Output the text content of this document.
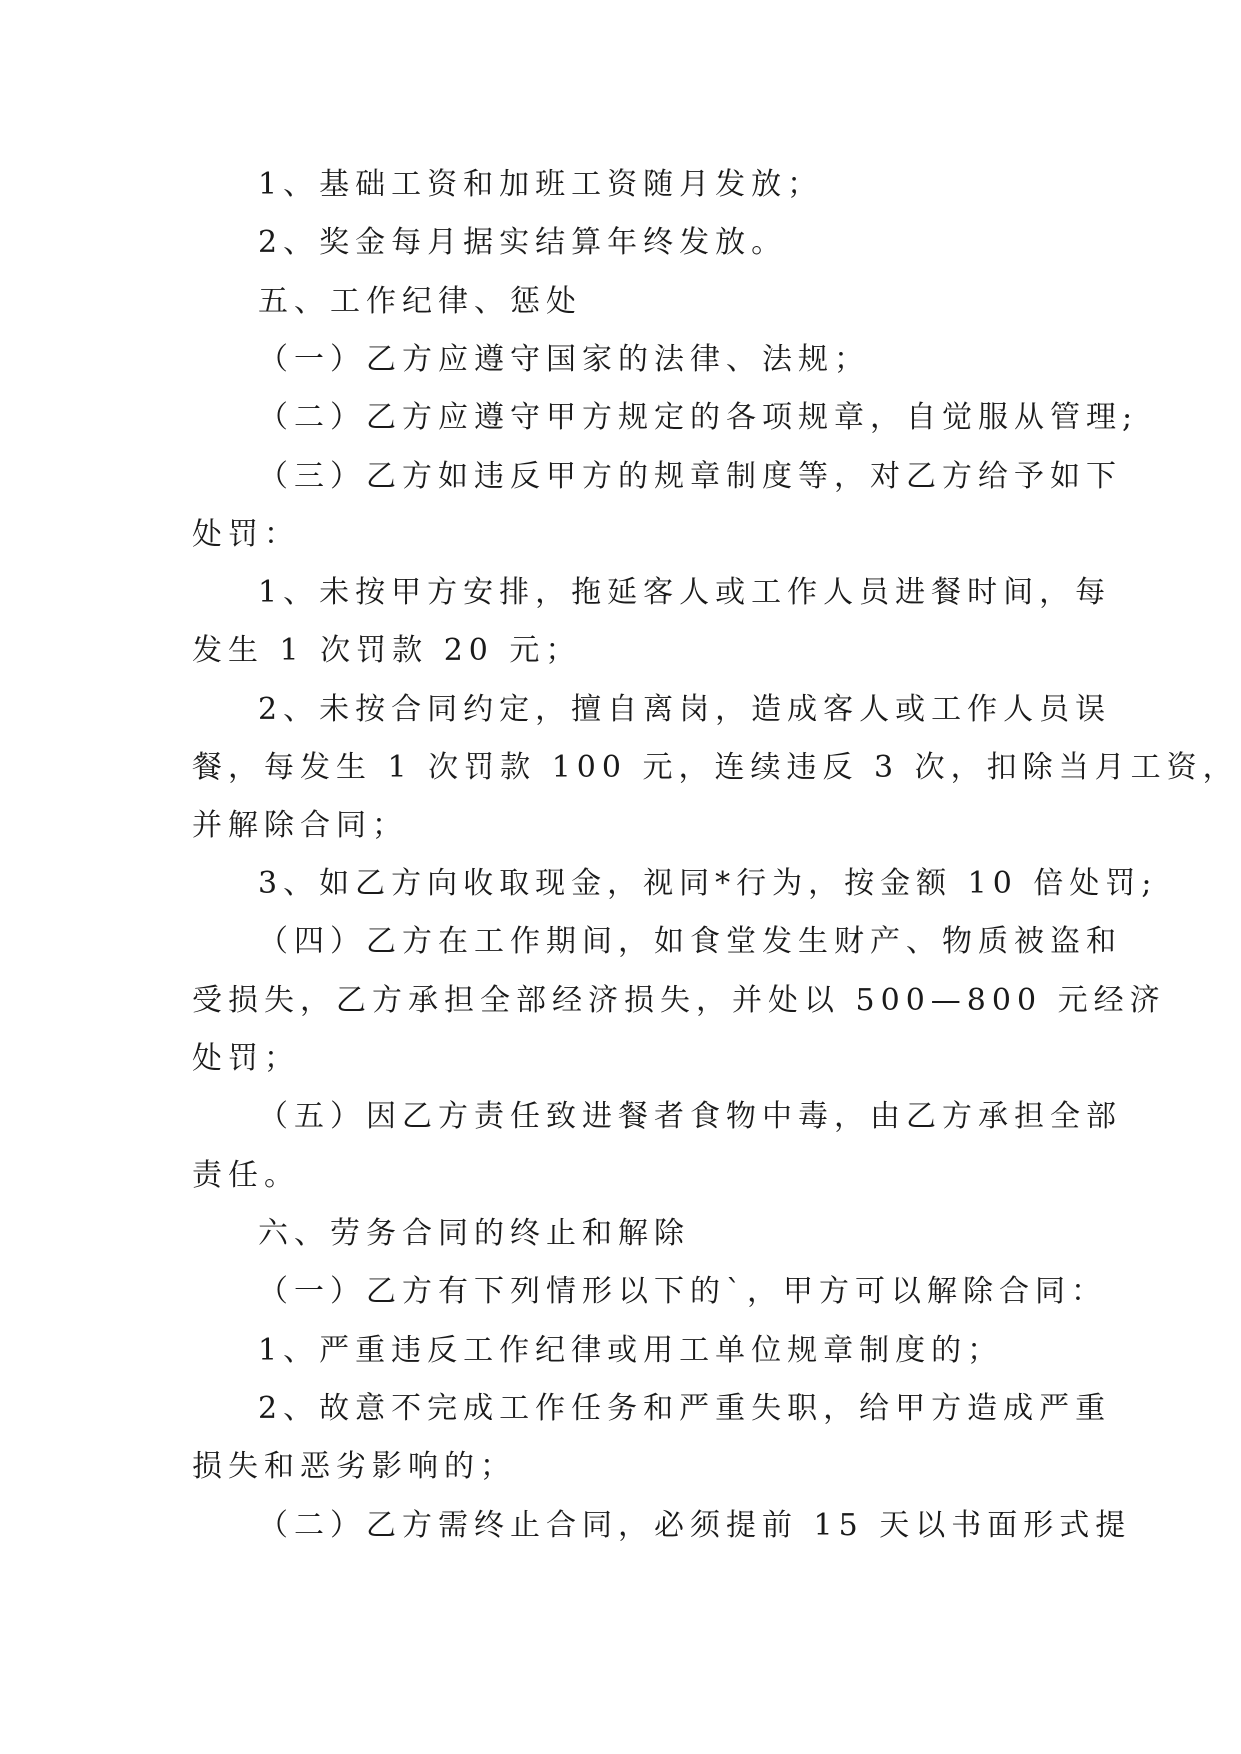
1、基础工资和加班工资随月发放；

2、奖金每月据实结算年终发放。

五、工作纪律、惩处

（一）乙方应遵守国家的法律、法规；

（二）乙方应遵守甲方规定的各项规章，自觉服从管理;

（三）乙方如违反甲方的规章制度等，对乙方给予如下

处罚：

1、未按甲方安排，拖延客人或工作人员进餐时间，每

发生 1 次罚款 20 元；

2、未按合同约定，擅自离岗，造成客人或工作人员误

餐，每发生 1 次罚款 100 元，连续违反 3 次，扣除当月工资，

并解除合同；

3、如乙方向收取现金，视同*行为，按金额 10 倍处罚;

（四）乙方在工作期间，如食堂发生财产、物质被盗和

受损失，乙方承担全部经济损失，并处以 500—800 元经济

处罚；

（五）因乙方责任致进餐者食物中毒，由乙方承担全部

责任。

六、劳务合同的终止和解除

（一）乙方有下列情形以下的`，甲方可以解除合同：

1、严重违反工作纪律或用工单位规章制度的；

2、故意不完成工作任务和严重失职，给甲方造成严重

损失和恶劣影响的；

（二）乙方需终止合同，必须提前 15 天以书面形式提
